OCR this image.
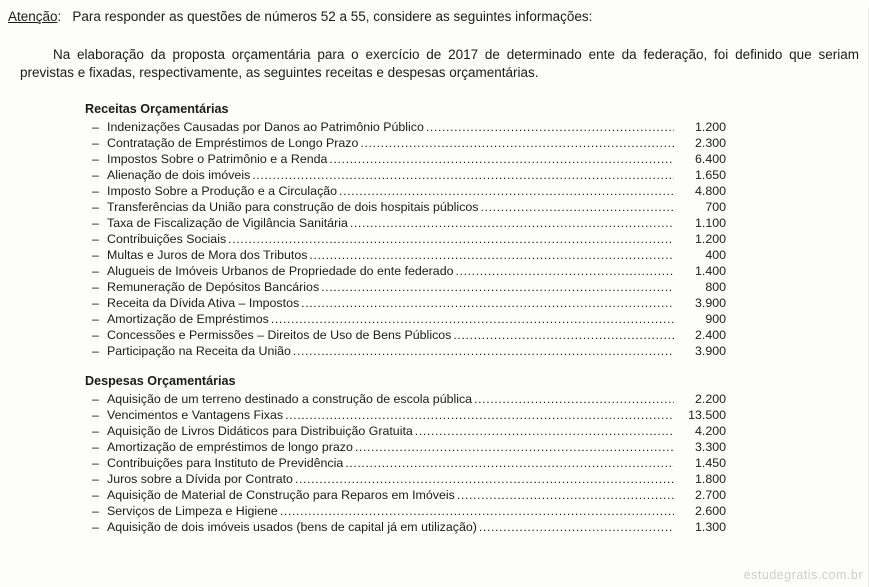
Atenção: Para responder as questões de números 52 a 55, considere as seguintes informações:

Na elaboração da proposta orçamentária para o exercício de 2017 de determinado ente da federação, foi definido que seriam previstas e fixadas, respectivamente, as seguintes receitas e despesas orçamentárias.

Receitas Orçamentárias
– Indenizações Causadas por Danos ao Patrimônio Público .....	1.200
– Contratação de Empréstimos de Longo Prazo .....	2.300
– Impostos Sobre o Patrimônio e a Renda .....	6.400
– Alienação de dois imóveis .....	1.650
– Imposto Sobre a Produção e a Circulação .....	4.800
– Transferências da União para construção de dois hospitais públicos .....	700
– Taxa de Fiscalização de Vigilância Sanitária .....	1.100
– Contribuições Sociais .....	1.200
– Multas e Juros de Mora dos Tributos .....	400
– Alugueis de Imóveis Urbanos de Propriedade do ente federado .....	1.400
– Remuneração de Depósitos Bancários .....	800
– Receita da Dívida Ativa – Impostos .....	3.900
– Amortização de Empréstimos .....	900
– Concessões e Permissões – Direitos de Uso de Bens Públicos .....	2.400
– Participação na Receita da União .....	3.900
Despesas Orçamentárias
– Aquisição de um terreno destinado a construção de escola pública .....	2.200
– Vencimentos e Vantagens Fixas .....	13.500
– Aquisição de Livros Didáticos para Distribuição Gratuita .....	4.200
– Amortização de empréstimos de longo prazo .....	3.300
– Contribuições para Instituto de Previdência .....	1.450
– Juros sobre a Dívida por Contrato .....	1.800
– Aquisição de Material de Construção para Reparos em Imóveis .....	2.700
– Serviços de Limpeza e Higiene .....	2.600
– Aquisição de dois imóveis usados (bens de capital já em utilização) .....	1.300
estudegratis.com.br
